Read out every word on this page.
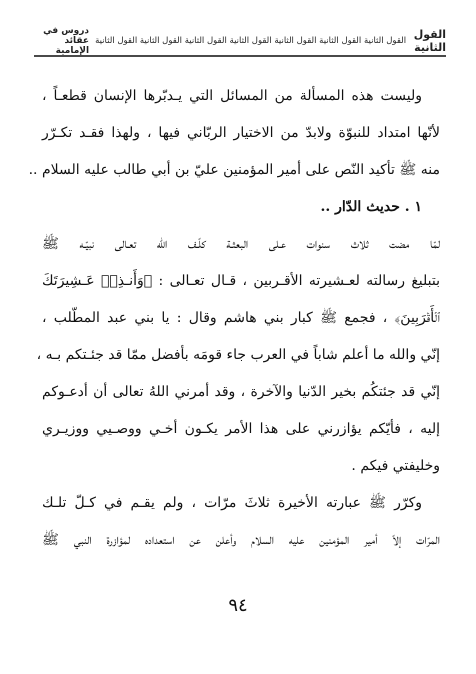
القول الثانية
القول الثانية القول الثانية القول الثانية القول الثانية القول الثانية القول الثانية القول الثانية
دروس في عقائد الإمامية

وليست هذه المسألة من المسائل التي يـدبّرها الإنسان قطعـاً ،
لأنّها امتداد للنبوّة ولابدّ من الاختيار الربّاني فيها ، ولهذا فقـد تكـرّر
منه ﷺ تأكيد النّص على أمير المؤمنين عليّ بن أبي طالب عليه السلام ..

١ . حديث الدّار ..

لمّا مضت ثلاث سنوات عـلى البعثـة كلّـف الله تعـالى نبيّـه ﷺ
بتبليغ رسالته لعـشيرته الأقـربين ، قـال تعـالى : ﴿وَأَنـذِرۡ عَـشِيرَتَكَ
ٱلۡأَقۡرَبِينَ﴾ ، فجمع ﷺ كبار بني هاشم وقال : يا بني عبد المطّلب ،
إنّي والله ما أعلم شاباً في العرب جاء قومَه بأفضل ممّا قد جئـتكم بـه ،
إنّي قد جئتكُم بخير الدّنيا والآخرة ، وقد أمرني اللهُ تعالى أن أدعـوكم
إليه ، فأيّكم يؤازرني على هذا الأمر يكـون أخـي ووصـيي ووزيـري
وخليفتي فيكم .

وكرّر ﷺ عبارته الأخيرة ثلاثَ مرّات ، ولم يقـم في كـلّ تلـك
المرّات إلاّ أمير المؤمنين عليه السلام وأعلن عن استعداده لمؤازرة النبي ﷺ

٩٤
